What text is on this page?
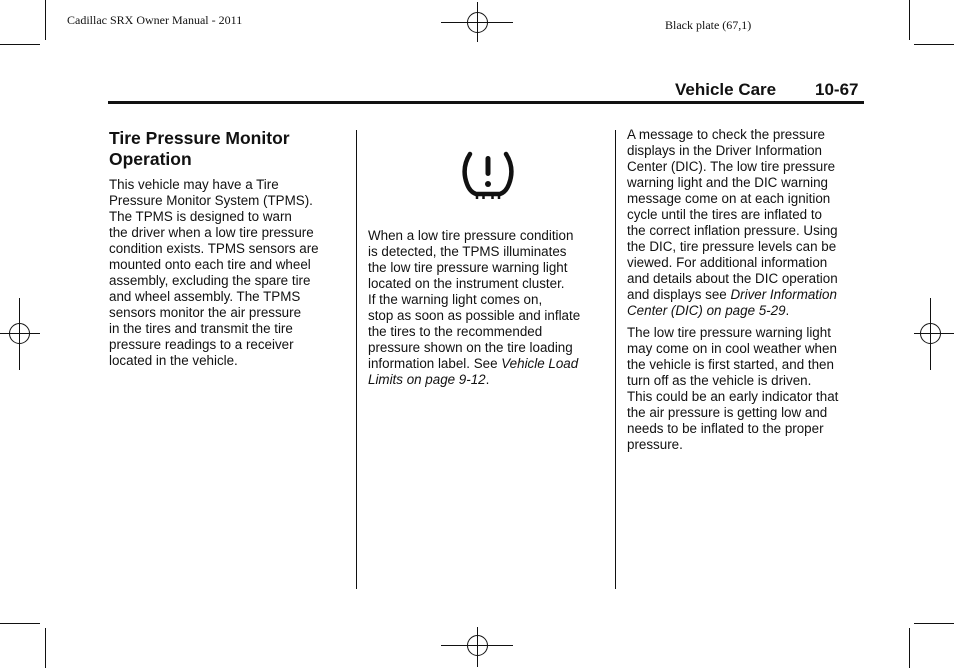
Cadillac SRX Owner Manual - 2011	Black plate (67,1)
Vehicle Care 10-67
Tire Pressure Monitor
Operation

This vehicle may have a Tire
Pressure Monitor System (TPMS).
The TPMS is designed to warn
the driver when a low tire pressure
condition exists. TPMS sensors are
mounted onto each tire and wheel
assembly, excluding the spare tire
and wheel assembly. The TPMS
sensors monitor the air pressure
in the tires and transmit the tire
pressure readings to a receiver
located in the vehicle.

When a low tire pressure condition
is detected, the TPMS illuminates
the low tire pressure warning light
located on the instrument cluster.
If the warning light comes on,
stop as soon as possible and inflate
the tires to the recommended
pressure shown on the tire loading
information label. See Vehicle Load
Limits on page 9-12.

A message to check the pressure
displays in the Driver Information
Center (DIC). The low tire pressure
warning light and the DIC warning
message come on at each ignition
cycle until the tires are inflated to
the correct inflation pressure. Using
the DIC, tire pressure levels can be
viewed. For additional information
and details about the DIC operation
and displays see Driver Information
Center (DIC) on page 5-29.

The low tire pressure warning light
may come on in cool weather when
the vehicle is first started, and then
turn off as the vehicle is driven.
This could be an early indicator that
the air pressure is getting low and
needs to be inflated to the proper
pressure.
